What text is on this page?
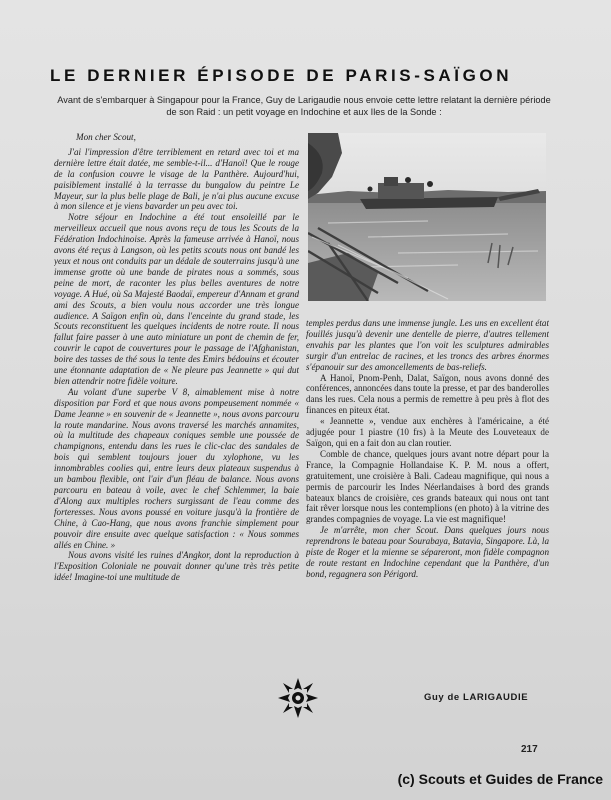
LE DERNIER ÉPISODE DE PARIS-SAÏGON
Avant de s'embarquer à Singapour pour la France, Guy de Larigaudie nous envoie cette lettre relatant la dernière période de son Raid : un petit voyage en Indochine et aux Iles de la Sonde :

Mon cher Scout,

J'ai l'impression d'être terriblement en retard avec toi et ma dernière lettre était datée, me semble-t-il... d'Hanoï! Que le rouge de la confusion couvre le visage de la Panthère. Aujourd'hui, paisiblement installé à la terrasse du bungalow du peintre Le Mayeur, sur la plus belle plage de Bali, je n'ai plus aucune excuse à mon silence et je viens bavarder un peu avec toi.

Notre séjour en Indochine a été tout ensoleillé par le merveilleux accueil que nous avons reçu de tous les Scouts de la Fédération Indochinoise. Après la fameuse arrivée à Hanoï, nous avons été reçus à Langson, où les petits scouts nous ont bandé les yeux et nous ont conduits par un dédale de souterrains jusqu'à une immense grotte où une bande de pirates nous a sommés, sous peine de mort, de raconter les plus belles aventures de notre voyage. A Hué, où Sa Majesté Baodaï, empereur d'Annam et grand ami des Scouts, a bien voulu nous accorder une très longue audience. A Saïgon enfin où, dans l'enceinte du grand stade, les Scouts reconstituent les quelques incidents de notre route. Il nous fallut faire passer à une auto miniature un pont de chemin de fer, couvrir le capot de couvertures pour le passage de l'Afghanistan, boire des tasses de thé sous la tente des Emirs bédouins et écouter une étonnante adaptation de « Ne pleure pas Jeannette » qui dut bien attendrir notre fidèle voiture.

Au volant d'une superbe V 8, aimablement mise à notre disposition par Ford et que nous avons pompeusement nommée « Dame Jeanne » en souvenir de « Jeannette », nous avons parcouru la route mandarine. Nous avons traversé les marchés annamites, où la multitude des chapeaux coniques semble une poussée de champignons, entendu dans les rues le clic-clac des sandales de bois qui semblent toujours jouer du xylophone, vu les innombrables coolies qui, entre leurs deux plateaux suspendus à un bambou flexible, ont l'air d'un fléau de balance. Nous avons parcouru en bateau à voile, avec le chef Schlemmer, la baie d'Along aux multiples rochers surgissant de l'eau comme des forteresses. Nous avons poussé en voiture jusqu'à la frontière de Chine, à Cao-Hang, que nous avons franchie simplement pour pouvoir dire ensuite avec quelque satisfaction : « Nous sommes allés en Chine. »

Nous avons visité les ruines d'Angkor, dont la reproduction à l'Exposition Coloniale ne pouvait donner qu'une très très petite idée! Imagine-toi une multitude de

temples perdus dans une immense jungle. Les uns en excellent état fouillés jusqu'à devenir une dentelle de pierre, d'autres tellement envahis par les plantes que l'on voit les sculptures admirables surgir d'un entrelac de racines, et les troncs des arbres énormes s'épanouir sur des amoncellements de bas-reliefs.

A Hanoï, Pnom-Penh, Dalat, Saïgon, nous avons donné des conférences, annoncées dans toute la presse, et par des banderolles dans les rues. Cela nous a permis de remettre à peu près à flot des finances en piteux état.

« Jeannette », vendue aux enchères à l'américaine, a été adjugée pour 1 piastre (10 frs) à la Meute des Louveteaux de Saïgon, qui en a fait don au clan routier.

Comble de chance, quelques jours avant notre départ pour la France, la Compagnie Hollandaise K. P. M. nous a offert, gratuitement, une croisière à Bali. Cadeau magnifique, qui nous a permis de parcourir les Indes Néerlandaises à bord des grands bateaux blancs de croisière, ces grands bateaux qui nous ont tant fait rêver lorsque nous les contemplions (en photo) à la vitrine des grandes compagnies de voyage. La vie est magnifique!

Je m'arrête, mon cher Scout. Dans quelques jours nous reprendrons le bateau pour Sourabaya, Batavia, Singapore. Là, la piste de Roger et la mienne se sépareront, mon fidèle compagnon de route restant en Indochine cependant que la Panthère, d'un bond, regagnera son Périgord.

Guy de LARIGAUDIE
217
(c) Scouts et Guides de France
